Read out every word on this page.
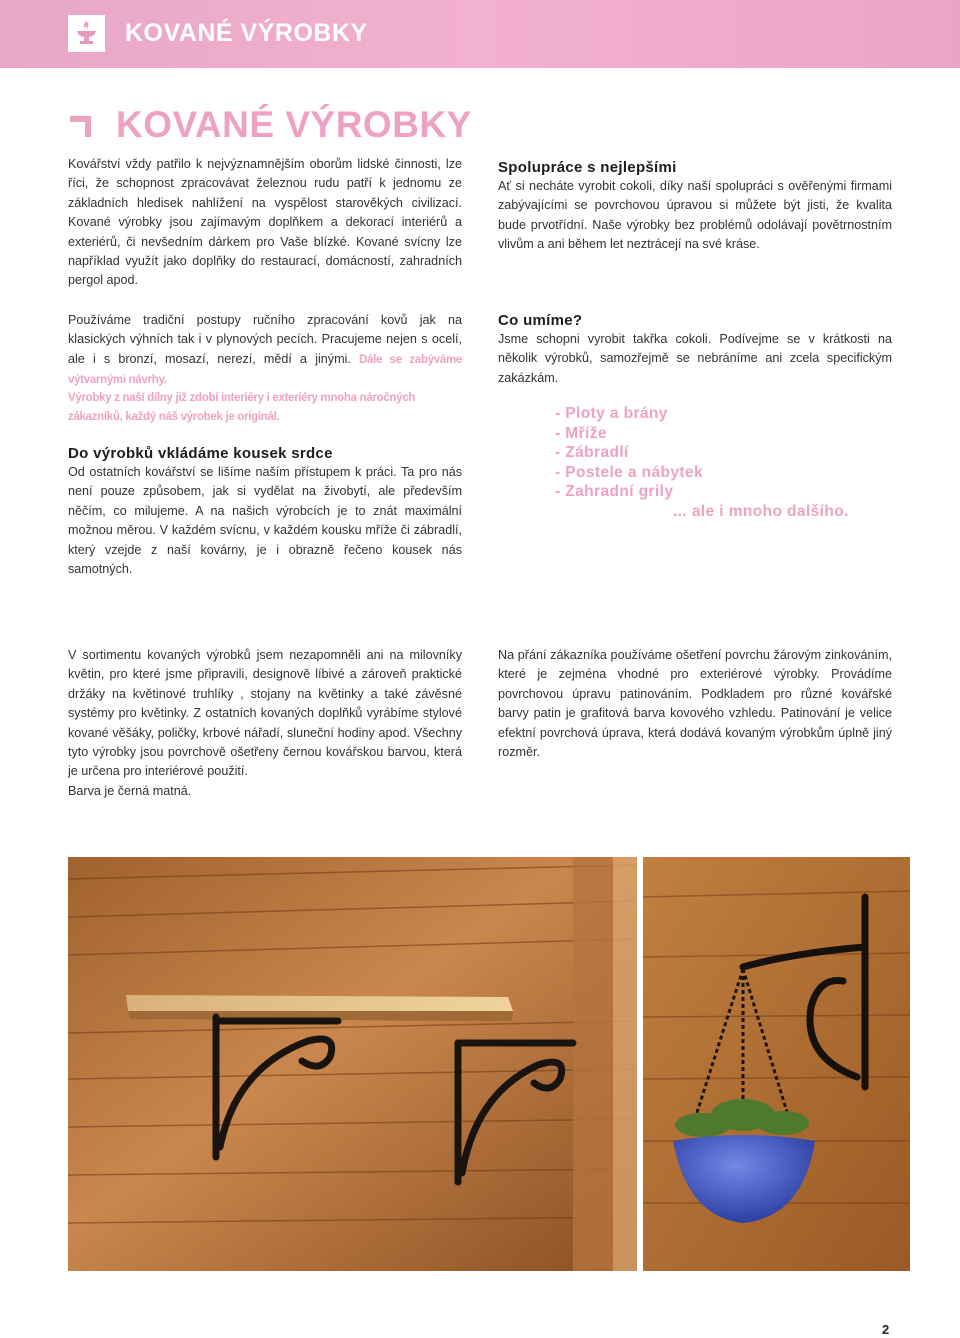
KOVANÉ VÝROBKY
KOVANÉ VÝROBKY

Kovářství vždy patřilo k nejvýznamnějším oborům lidské činnosti, lze říci, že schopnost zpracovávat železnou rudu patří k jednomu ze základních hledisek nahlížení na vyspělost starověkých civilizací. Kované výrobky jsou zajímavým doplňkem a dekorací interiérů a exteriérů, či nevšedním dárkem pro Vaše blízké. Kované svícny lze například využít jako doplňky do restaurací, domácností, zahradních pergol apod.

Používáme tradiční postupy ručního zpracování kovů jak na klasických výhních tak i v plynových pecích. Pracujeme nejen s ocelí, ale i s bronzí, mosazí, nerezí, mědí a jinými. Dále se zabýváme výtvarnými návrhy.

Výrobky z naší dílny již zdobí interiéry i exteriéry mnoha náročných zákazníků, každý náš výrobek je originál.
Do výrobků vkládáme kousek srdce

Od ostatních kovářství se lišíme naším přístupem k práci. Ta pro nás není pouze způsobem, jak si vydělat na živobytí, ale především něčím, co milujeme. A na našich výrobcích je to znát maximální možnou měrou. V každém svícnu, v každém kousku mříže či zábradlí, který vzejde z naší kovárny, je i obrazně řečeno kousek nás samotných.

Spolupráce s nejlepšími

Ať si necháte vyrobit cokoli, díky naší spolupráci s ověřenými firmami zabývajícími se povrchovou úpravou si můžete být jisti, že kvalita bude prvotřídní. Naše výrobky bez problémů odolávají povětrnostním vlivům a ani během let neztrácejí na své kráse.

Co umíme?

Jsme schopni vyrobit takřka cokoli. Podívejme se v krátkosti na několik výrobků, samozřejmě se nebráníme ani zcela specifickým zakázkám.

- Ploty a brány
- Mříže
- Zábradlí
- Postele a nábytek
- Zahradní grily
... ale i mnoho dalšího.

V sortimentu kovaných výrobků jsem nezapomněli ani na milovníky květin, pro které jsme připravili, designově líbivé a zároveň praktické držáky na květinové truhlíky , stojany na květinky a také závěsné systémy pro květinky. Z ostatních kovaných doplňků vyrábíme stylové kované věšáky, poličky, krbové nářadí, sluneční hodiny apod. Všechny tyto výrobky jsou povrchově ošetřeny černou kovářskou barvou, která je určena pro interiérové použití.

Barva je černá matná.

Na přání zákazníka používáme ošetření povrchu žárovým zinkováním, které je zejména vhodné pro exteriérové výrobky. Provádíme povrchovou úpravu patinováním. Podkladem pro různé kovářské barvy patin je grafitová barva kovového vzhledu. Patinování je velice efektní povrchová úprava, která dodává kovaným výrobkům úplně jiný rozměr.

2
